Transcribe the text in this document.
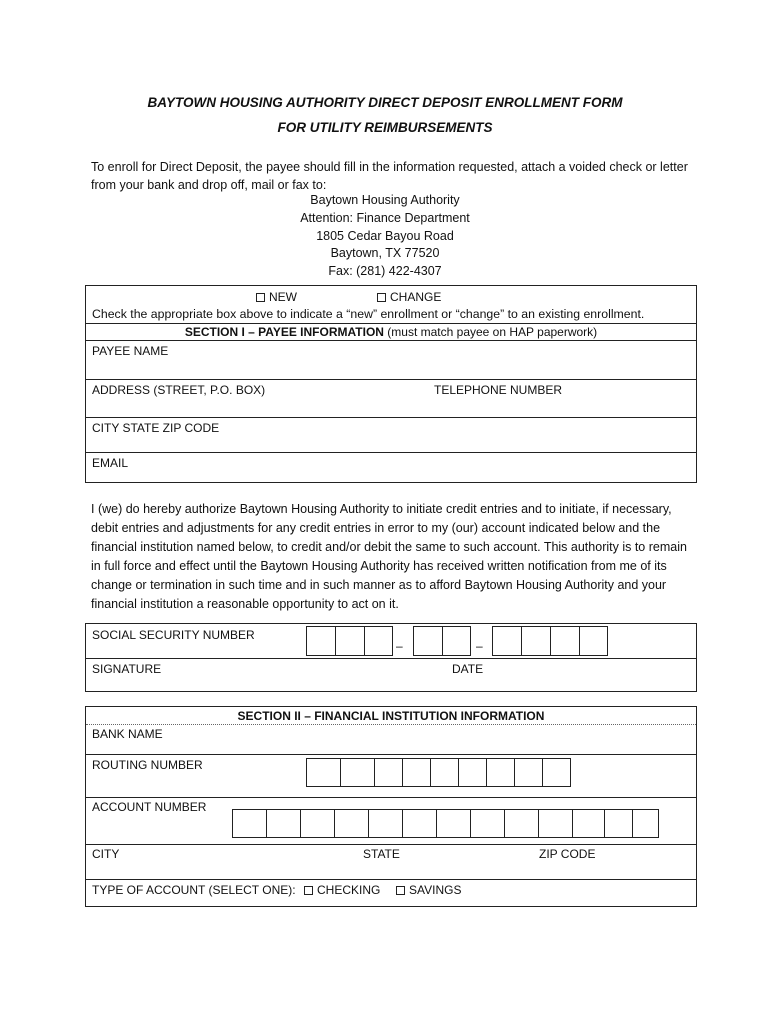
BAYTOWN HOUSING AUTHORITY DIRECT DEPOSIT ENROLLMENT FORM
FOR UTILITY REIMBURSEMENTS
To enroll for Direct Deposit, the payee should fill in the information requested, attach a voided check or letter from your bank and drop off, mail or fax to:
Baytown Housing Authority
Attention: Finance Department
1805 Cedar Bayou Road
Baytown, TX 77520
Fax: (281) 422-4307
NEW	CHANGE
Check the appropriate box above to indicate a “new” enrollment or “change” to an existing enrollment.
SECTION I – PAYEE INFORMATION (must match payee on HAP paperwork)
PAYEE NAME
ADDRESS (STREET, P.O. BOX)	TELEPHONE NUMBER
CITY STATE ZIP CODE
EMAIL
I (we) do hereby authorize Baytown Housing Authority to initiate credit entries and to initiate, if necessary, debit entries and adjustments for any credit entries in error to my (our) account indicated below and the financial institution named below, to credit and/or debit the same to such account. This authority is to remain in full force and effect until the Baytown Housing Authority has received written notification from me of its change or termination in such time and in such manner as to afford Baytown Housing Authority and your financial institution a reasonable opportunity to act on it.
SOCIAL SECURITY NUMBER
–	–
SIGNATURE	DATE
SECTION II – FINANCIAL INSTITUTION INFORMATION
BANK NAME
ROUTING NUMBER
ACCOUNT NUMBER
CITY	STATE	ZIP CODE
TYPE OF ACCOUNT (SELECT ONE):	CHECKING	SAVINGS
